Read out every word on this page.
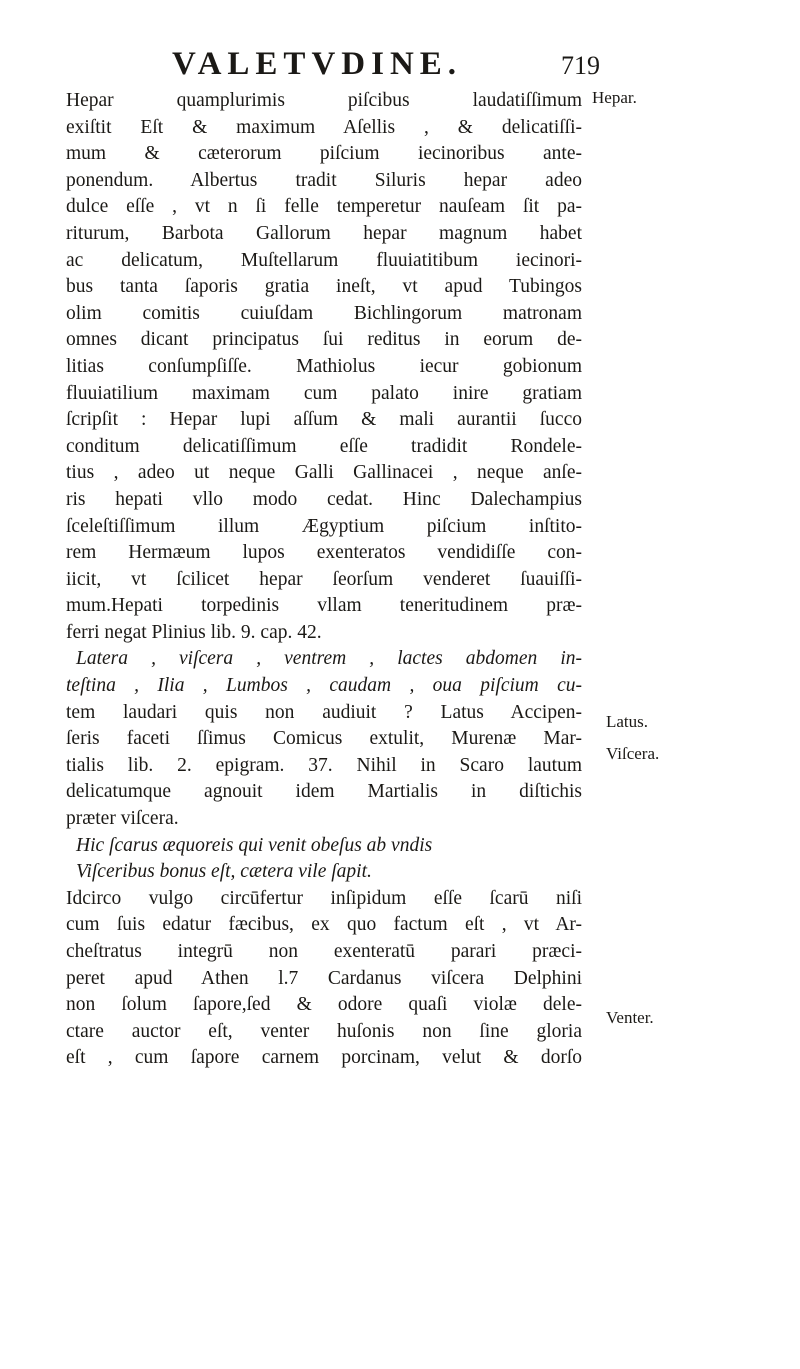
VALETVDINE.	719
Hepar quamplurimis piſcibus laudatiſſimum
exiſtit Eſt & maximum Aſellis , & delicatiſſi-
mum & cæterorum piſcium iecinoribus ante-
ponendum. Albertus tradit Siluris hepar adeo
dulce eſſe , vt n ſi felle temperetur nauſeam ſit pa-
riturum, Barbota Gallorum hepar magnum habet
ac delicatum, Muſtellarum fluuiatitibum iecinori-
bus tanta ſaporis gratia ineſt, vt apud Tubingos
olim comitis cuiuſdam Bichlingorum matronam
omnes dicant principatus ſui reditus in eorum de-
litias conſumpſiſſe. Mathiolus iecur gobionum
fluuiatilium maximam cum palato inire gratiam
ſcripſit : Hepar lupi aſſum & mali aurantii ſucco
conditum delicatiſſimum eſſe tradidit Rondele-
tius , adeo ut neque Galli Gallinacei , neque anſe-
ris hepati vllo modo cedat. Hinc Dalechampius
ſceleſtiſſimum illum Ægyptium piſcium inſtito-
rem Hermæum lupos exenteratos vendidiſſe con-
iicit, vt ſcilicet hepar ſeorſum venderet ſuauiſſi-
mum.Hepati torpedinis vllam teneritudinem præ-
ferri negat Plinius lib. 9. cap. 42.
Latera , viſcera , ventrem , lactes abdomen in-
teſtina , Ilia , Lumbos , caudam , oua piſcium cu-
tem laudari quis non audiuit ? Latus Accipen-
ſeris faceti ſſimus Comicus extulit, Murenæ Mar-
tialis lib. 2. epigram. 37. Nihil in Scaro lautum
delicatumque agnouit idem Martialis in diſtichis
præter viſcera.
Hic ſcarus æquoreis qui venit obeſus ab vndis
Viſceribus bonus eſt, cætera vile ſapit.
Idcirco vulgo circūfertur inſipidum eſſe ſcarū niſi
cum ſuis edatur fæcibus, ex quo factum eſt , vt Ar-
cheſtratus integrū non exenteratū parari præci-
peret apud Athen l.7 Cardanus viſcera Delphini
non ſolum ſapore,ſed & odore quaſi violæ dele-
ctare auctor eſt, venter huſonis non ſine gloria
eſt , cum ſapore carnem porcinam, velut & dorſo
Hepar.
Latus.
Viſcera.
Venter.
